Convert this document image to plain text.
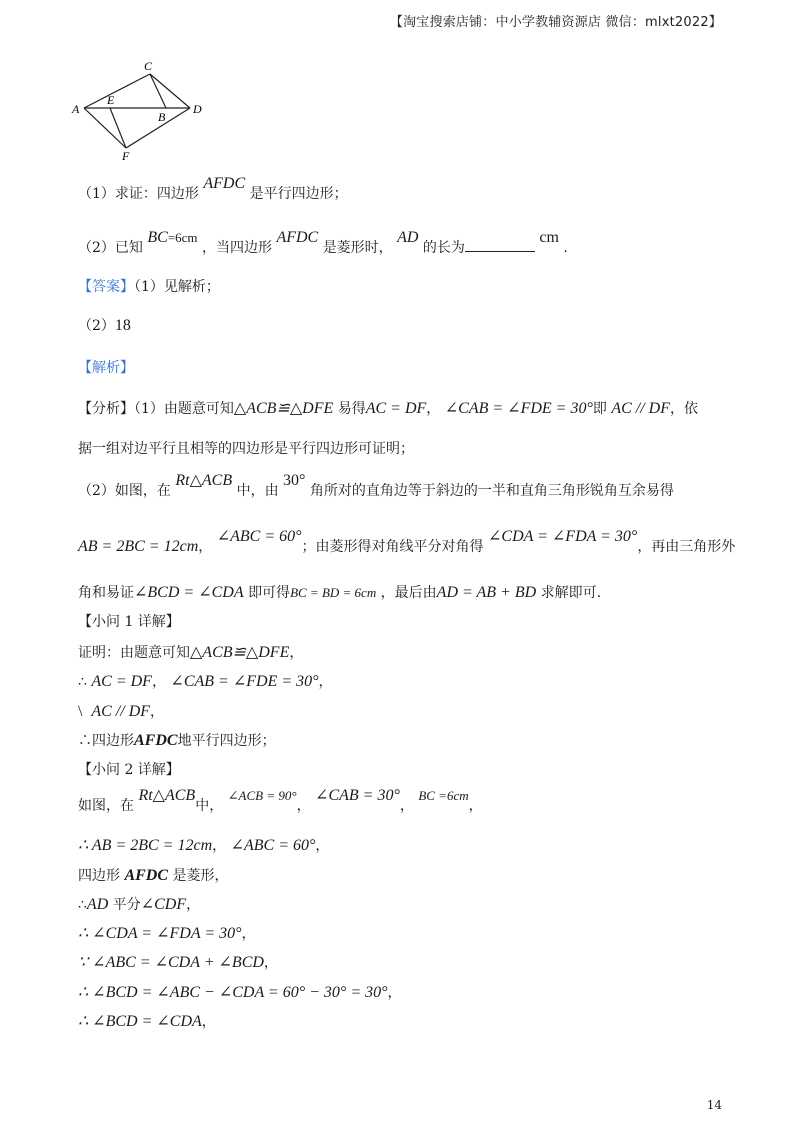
【淘宝搜索店铺：中小学教辅资源店 微信：mlxt2022】
C
A
E
B
D
F
（1）求证：四边形 AFDC 是平行四边形；
（2）已知 BC=6cm ，当四边形 AFDC 是菱形时， AD 的长为 cm .
【答案】（1）见解析；
（2）18
【解析】
【分析】（1）由题意可知△ACB≌△DFE 易得AC = DF， ∠CAB = ∠FDE = 30°即 AC // DF，依
据一组对边平行且相等的四边形是平行四边形可证明；
（2）如图，在 Rt△ACB 中，由 30° 角所对的直角边等于斜边的一半和直角三角形锐角互余易得
AB = 2BC = 12cm， ∠ABC = 60°；由菱形得对角线平分对角得 ∠CDA = ∠FDA = 30°，再由三角形外
角和易证∠BCD = ∠CDA 即可得BC = BD = 6cm ，最后由AD = AB + BD 求解即可.
【小问 1 详解】
证明：由题意可知△ACB≌△DFE，
∴ AC = DF， ∠CAB = ∠FDE = 30°，
\ AC // DF，
∴四边形AFDC地平行四边形；
【小问 2 详解】
如图，在 Rt△ACB中， ∠ACB = 90°， ∠CAB = 30°， BC =6cm，
∴ AB = 2BC = 12cm， ∠ABC = 60°，
四边形 AFDC 是菱形，
∴AD 平分∠CDF，
∴ ∠CDA = ∠FDA = 30°，
∵ ∠ABC = ∠CDA + ∠BCD，
∴ ∠BCD = ∠ABC − ∠CDA = 60° − 30° = 30°，
∴ ∠BCD = ∠CDA，
14
